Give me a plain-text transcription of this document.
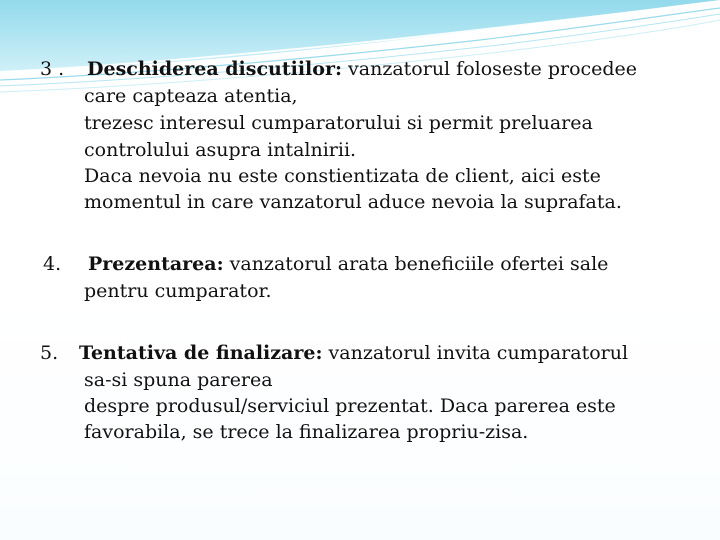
3 . Deschiderea discutiilor: vanzatorul foloseste procedee
care capteaza atentia,
trezesc interesul cumparatorului si permit preluarea
controlului asupra intalnirii.
Daca nevoia nu este constientizata de client, aici este
momentul in care vanzatorul aduce nevoia la suprafata.
4. Prezentarea: vanzatorul arata beneficiile ofertei sale
pentru cumparator.
5. Tentativa de finalizare: vanzatorul invita cumparatorul
sa-si spuna parerea
despre produsul/serviciul prezentat. Daca parerea este
favorabila, se trece la finalizarea propriu-zisa.
